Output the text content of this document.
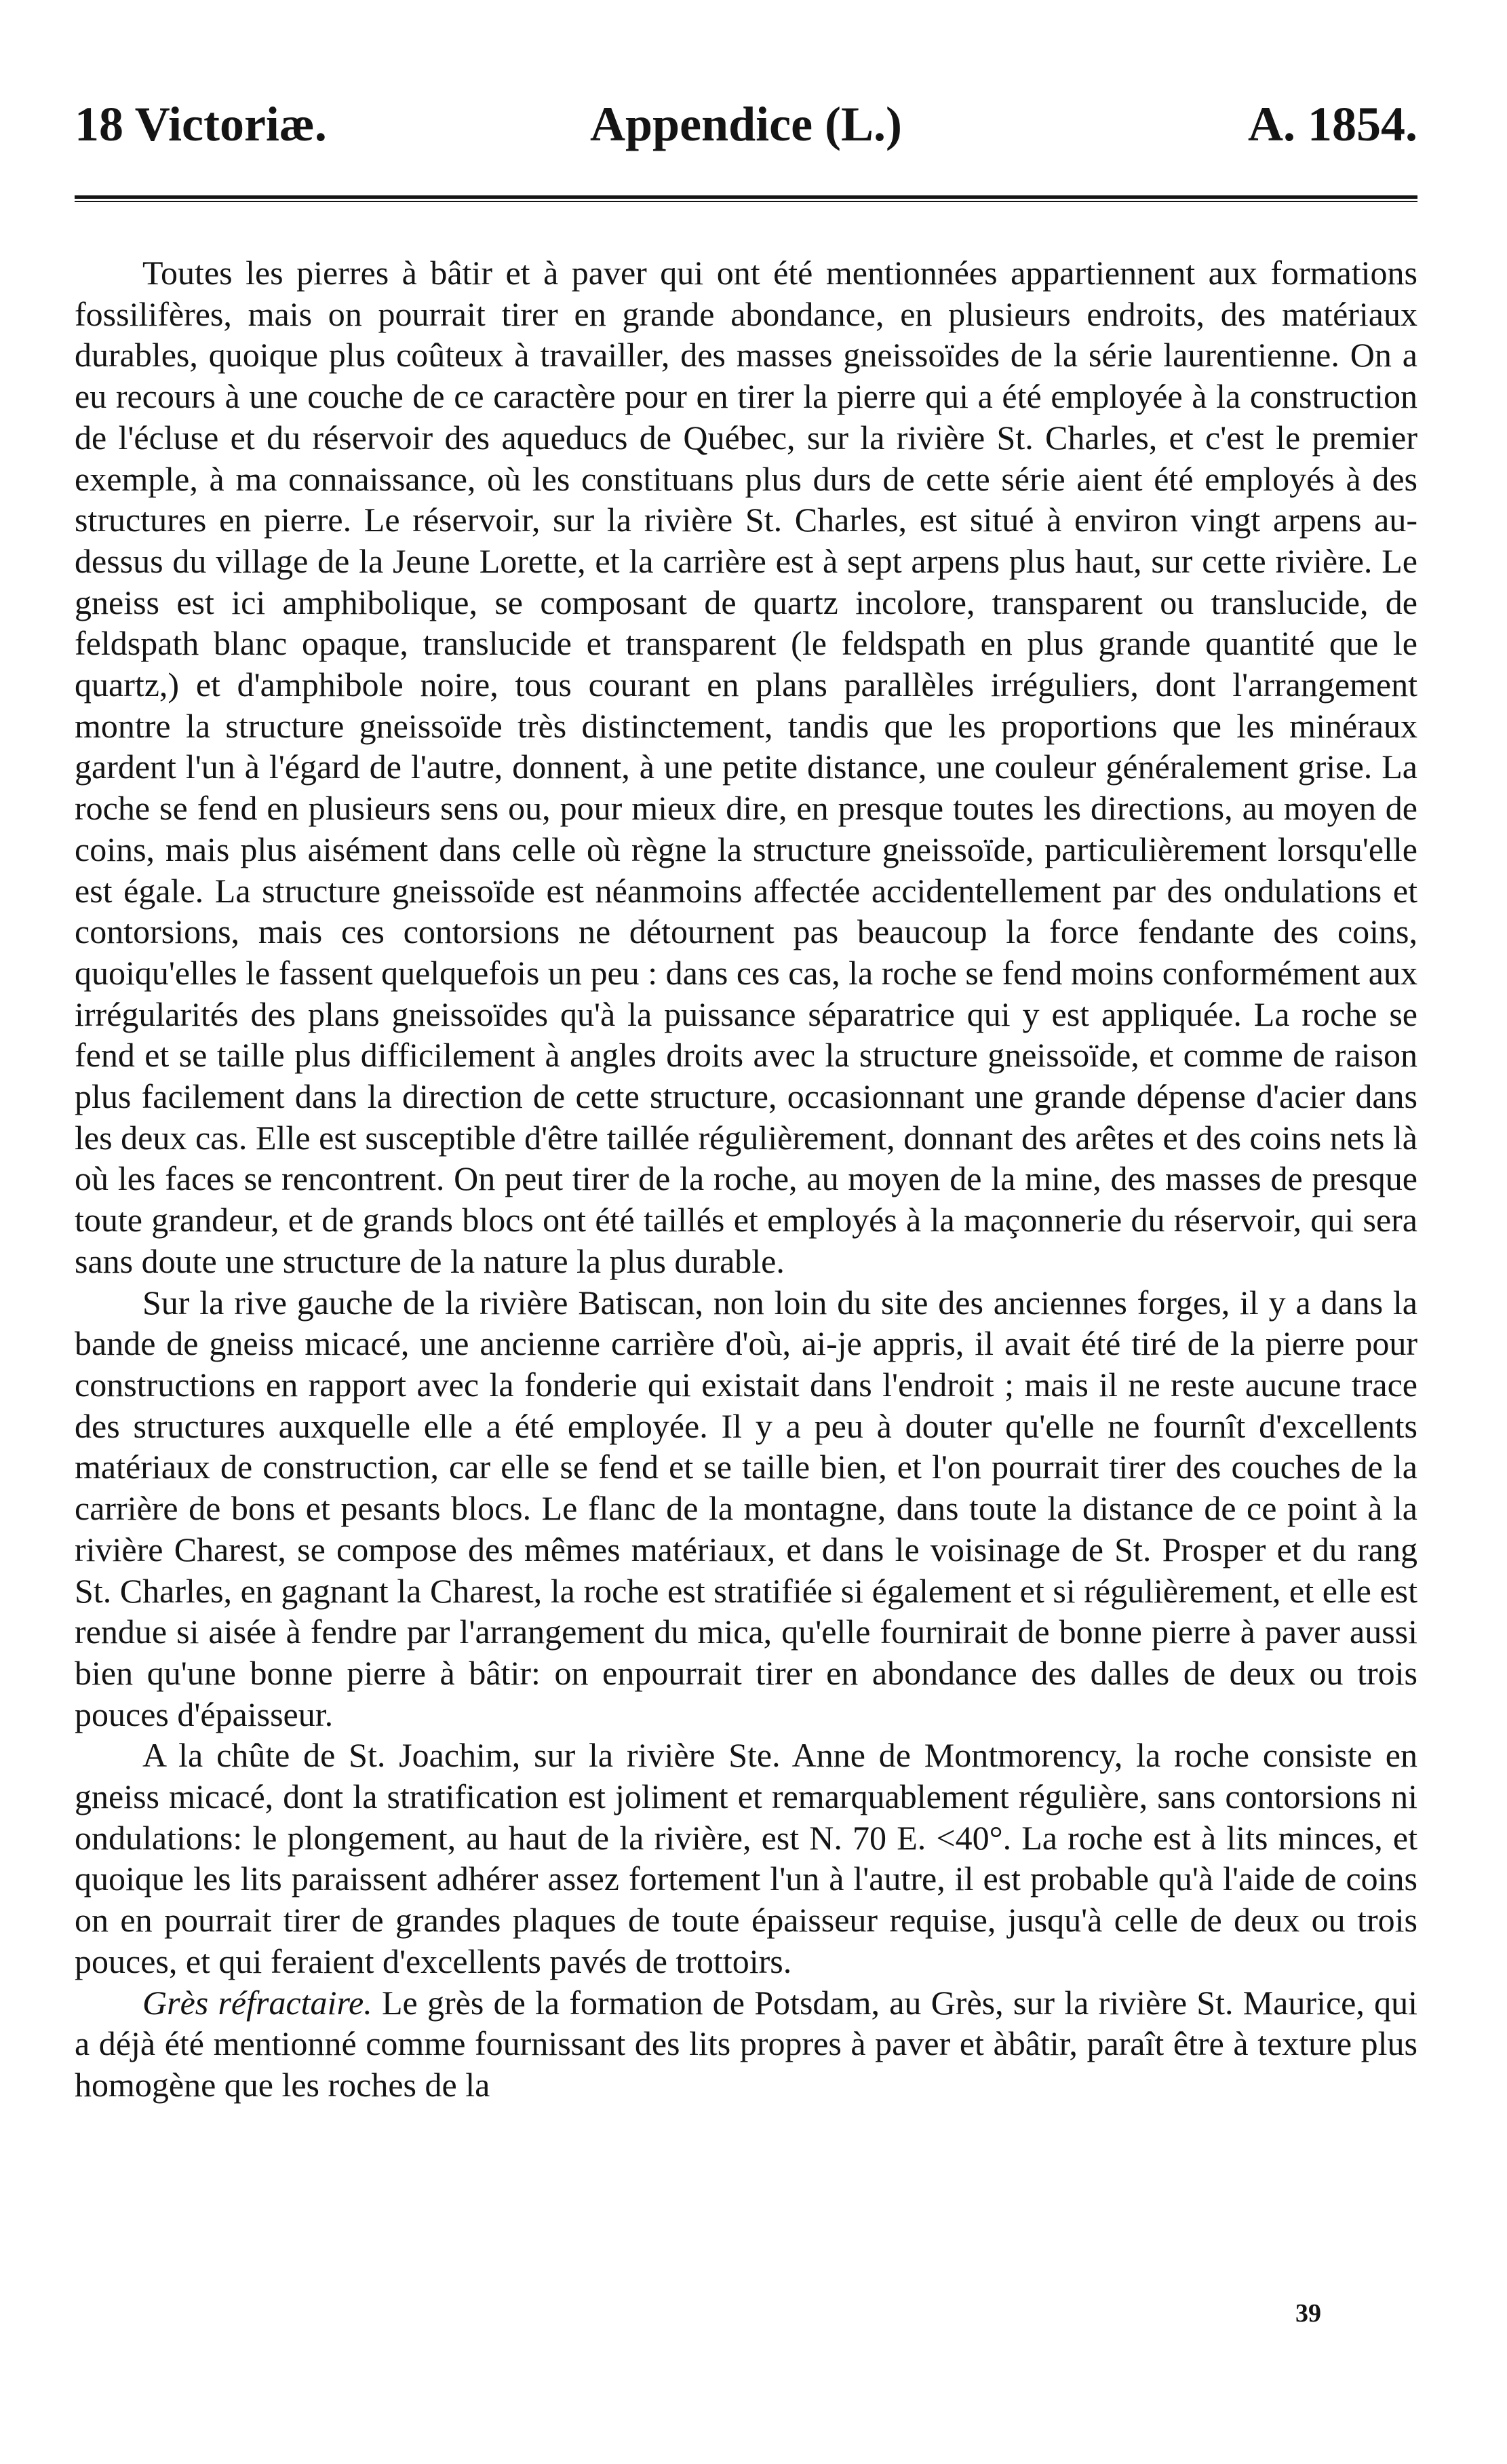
18 Victoriæ.	Appendice (L.)	A. 1854.

Toutes les pierres à bâtir et à paver qui ont été mentionnées appartiennent aux formations fossilifères, mais on pourrait tirer en grande abondance, en plusieurs endroits, des matériaux durables, quoique plus coûteux à travailler, des masses gneissoïdes de la série laurentienne. On a eu recours à une couche de ce caractère pour en tirer la pierre qui a été employée à la construction de l'écluse et du réservoir des aqueducs de Québec, sur la rivière St. Charles, et c'est le premier exemple, à ma connaissance, où les constituans plus durs de cette série aient été employés à des structures en pierre. Le réservoir, sur la rivière St. Charles, est situé à environ vingt arpens au-dessus du village de la Jeune Lorette, et la carrière est à sept arpens plus haut, sur cette rivière. Le gneiss est ici amphibolique, se composant de quartz incolore, transparent ou translucide, de feldspath blanc opaque, translucide et transparent (le feldspath en plus grande quantité que le quartz,) et d'amphibole noire, tous courant en plans parallèles irréguliers, dont l'arrangement montre la structure gneissoïde très distinctement, tandis que les proportions que les minéraux gardent l'un à l'égard de l'autre, donnent, à une petite distance, une couleur généralement grise. La roche se fend en plusieurs sens ou, pour mieux dire, en presque toutes les directions, au moyen de coins, mais plus aisément dans celle où règne la structure gneissoïde, particulièrement lorsqu'elle est égale. La structure gneissoïde est néanmoins affectée accidentellement par des ondulations et contorsions, mais ces contorsions ne détournent pas beaucoup la force fendante des coins, quoiqu'elles le fassent quelquefois un peu : dans ces cas, la roche se fend moins conformément aux irrégularités des plans gneissoïdes qu'à la puissance séparatrice qui y est appliquée. La roche se fend et se taille plus difficilement à angles droits avec la structure gneissoïde, et comme de raison plus facilement dans la direction de cette structure, occasionnant une grande dépense d'acier dans les deux cas. Elle est susceptible d'être taillée régulièrement, donnant des arêtes et des coins nets là où les faces se rencontrent. On peut tirer de la roche, au moyen de la mine, des masses de presque toute grandeur, et de grands blocs ont été taillés et employés à la maçonnerie du réservoir, qui sera sans doute une structure de la nature la plus durable.

Sur la rive gauche de la rivière Batiscan, non loin du site des anciennes forges, il y a dans la bande de gneiss micacé, une ancienne carrière d'où, ai-je appris, il avait été tiré de la pierre pour constructions en rapport avec la fonderie qui existait dans l'endroit ; mais il ne reste aucune trace des structures auxquelle elle a été employée. Il y a peu à douter qu'elle ne fournît d'excellents matériaux de construction, car elle se fend et se taille bien, et l'on pourrait tirer des couches de la carrière de bons et pesants blocs. Le flanc de la montagne, dans toute la distance de ce point à la rivière Charest, se compose des mêmes matériaux, et dans le voisinage de St. Prosper et du rang St. Charles, en gagnant la Charest, la roche est stratifiée si également et si régulièrement, et elle est rendue si aisée à fendre par l'arrangement du mica, qu'elle fournirait de bonne pierre à paver aussi bien qu'une bonne pierre à bâtir: on enpourrait tirer en abondance des dalles de deux ou trois pouces d'épaisseur.

A la chûte de St. Joachim, sur la rivière Ste. Anne de Montmorency, la roche consiste en gneiss micacé, dont la stratification est joliment et remarquablement régulière, sans contorsions ni ondulations: le plongement, au haut de la rivière, est N. 70 E. <40°. La roche est à lits minces, et quoique les lits paraissent adhérer assez fortement l'un à l'autre, il est probable qu'à l'aide de coins on en pourrait tirer de grandes plaques de toute épaisseur requise, jusqu'à celle de deux ou trois pouces, et qui feraient d'excellents pavés de trottoirs.

Grès réfractaire. Le grès de la formation de Potsdam, au Grès, sur la rivière St. Maurice, qui a déjà été mentionné comme fournissant des lits propres à paver et àbâtir, paraît être à texture plus homogène que les roches de la

39
